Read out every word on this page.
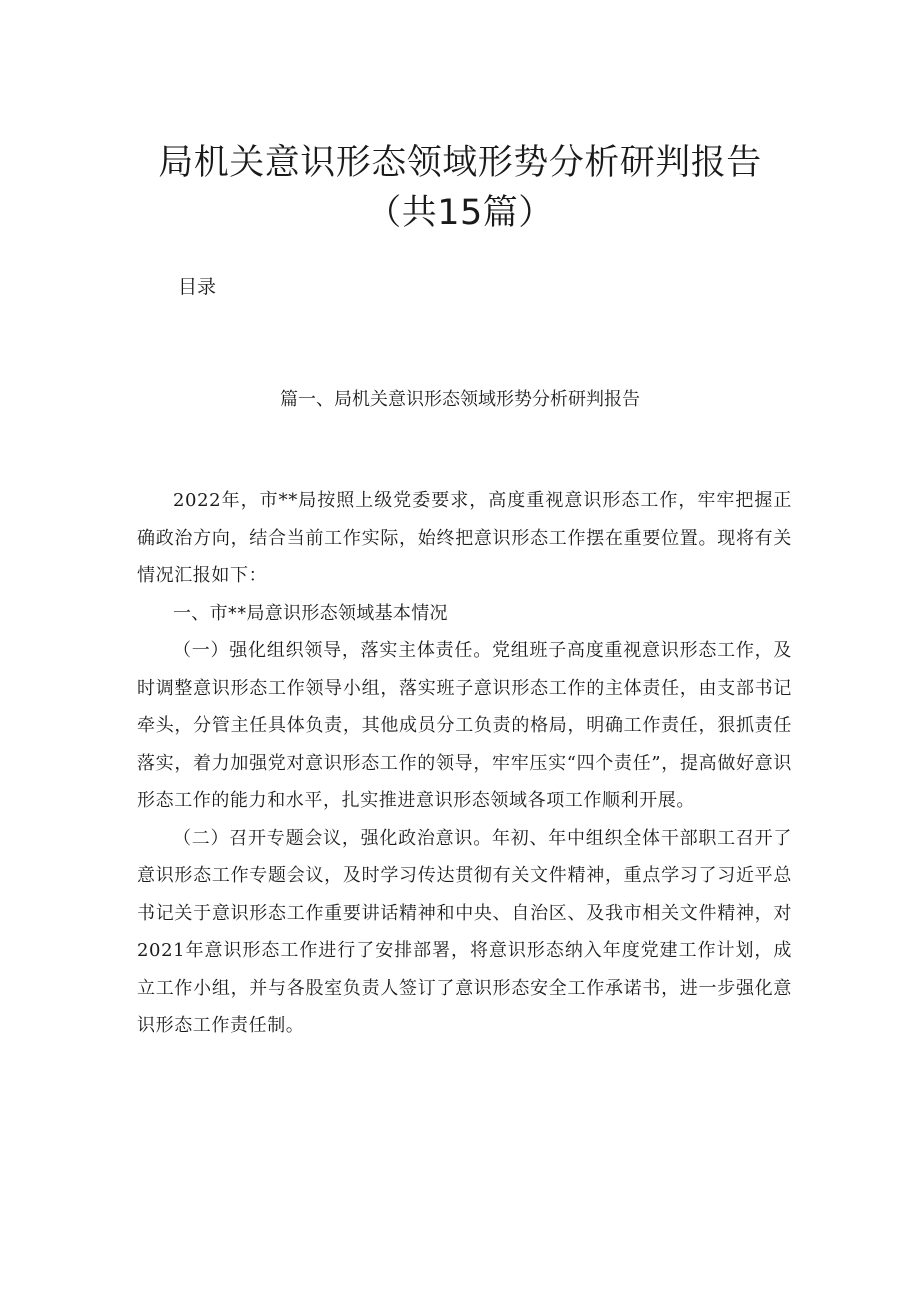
局机关意识形态领域形势分析研判报告（共15篇）
目录
篇一、局机关意识形态领域形势分析研判报告

2022年，市**局按照上级党委要求，高度重视意识形态工作，牢牢把握正确政治方向，结合当前工作实际，始终把意识形态工作摆在重要位置。现将有关情况汇报如下：

一、市**局意识形态领域基本情况

（一）强化组织领导，落实主体责任。党组班子高度重视意识形态工作，及时调整意识形态工作领导小组，落实班子意识形态工作的主体责任，由支部书记牵头，分管主任具体负责，其他成员分工负责的格局，明确工作责任，狠抓责任落实，着力加强党对意识形态工作的领导，牢牢压实“四个责任”，提高做好意识形态工作的能力和水平，扎实推进意识形态领域各项工作顺利开展。

（二）召开专题会议，强化政治意识。年初、年中组织全体干部职工召开了意识形态工作专题会议，及时学习传达贯彻有关文件精神，重点学习了习近平总书记关于意识形态工作重要讲话精神和中央、自治区、及我市相关文件精神，对2021年意识形态工作进行了安排部署，将意识形态纳入年度党建工作计划，成立工作小组，并与各股室负责人签订了意识形态安全工作承诺书，进一步强化意识形态工作责任制。
